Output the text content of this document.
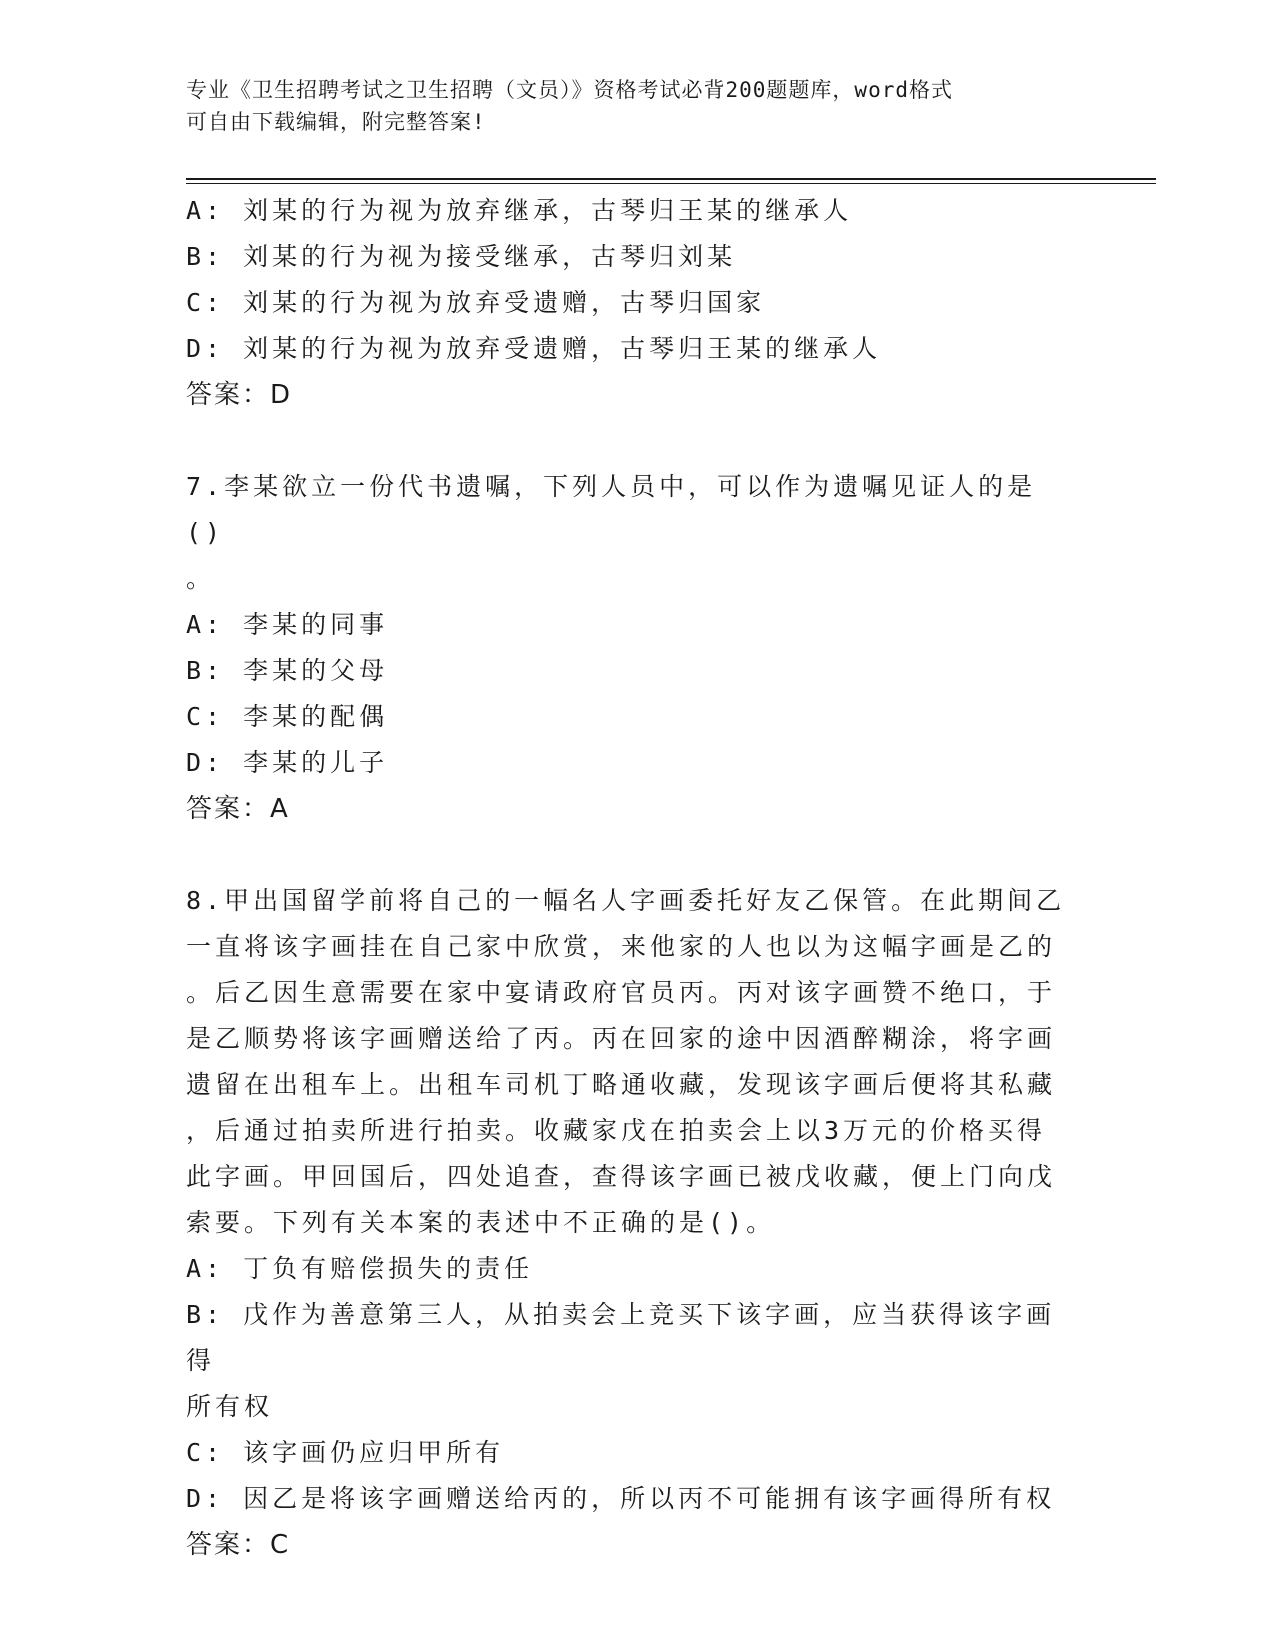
专业《卫生招聘考试之卫生招聘（文员）》资格考试必背200题题库，word格式
可自由下载编辑，附完整答案!
A: 刘某的行为视为放弃继承，古琴归王某的继承人
B: 刘某的行为视为接受继承，古琴归刘某
C: 刘某的行为视为放弃受遗赠，古琴归国家
D: 刘某的行为视为放弃受遗赠，古琴归王某的继承人
答案：D
7.李某欲立一份代书遗嘱，下列人员中，可以作为遗嘱见证人的是()
。
A: 李某的同事
B: 李某的父母
C: 李某的配偶
D: 李某的儿子
答案：A
8.甲出国留学前将自己的一幅名人字画委托好友乙保管。在此期间乙
一直将该字画挂在自己家中欣赏，来他家的人也以为这幅字画是乙的
。后乙因生意需要在家中宴请政府官员丙。丙对该字画赞不绝口，于
是乙顺势将该字画赠送给了丙。丙在回家的途中因酒醉糊涂，将字画
遗留在出租车上。出租车司机丁略通收藏，发现该字画后便将其私藏
，后通过拍卖所进行拍卖。收藏家戊在拍卖会上以3万元的价格买得
此字画。甲回国后，四处追查，查得该字画已被戊收藏，便上门向戊
索要。下列有关本案的表述中不正确的是()。
A: 丁负有赔偿损失的责任
B: 戊作为善意第三人，从拍卖会上竞买下该字画，应当获得该字画得
所有权
C: 该字画仍应归甲所有
D: 因乙是将该字画赠送给丙的，所以丙不可能拥有该字画得所有权
答案：C
